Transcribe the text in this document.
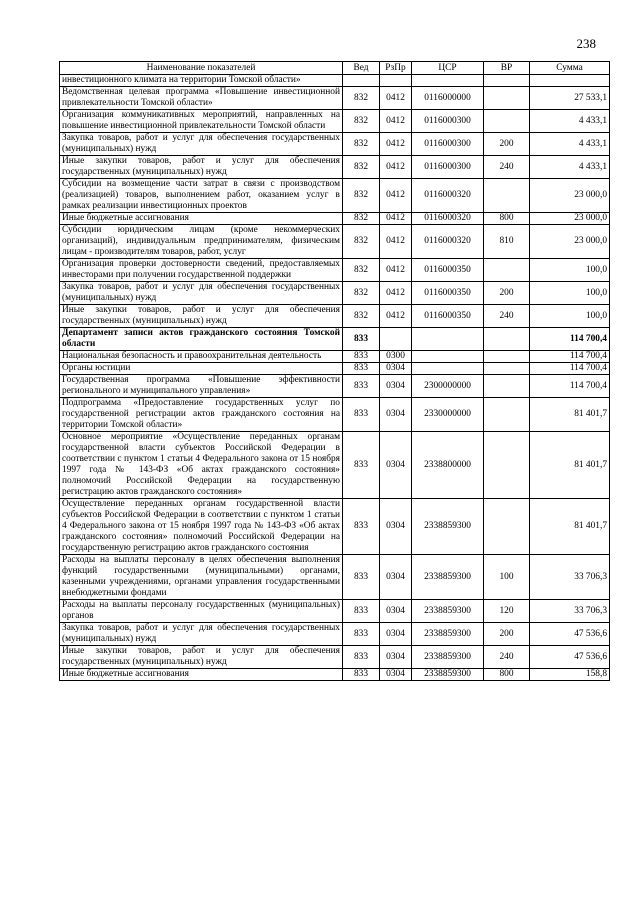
238
Наименование показателей	Вед	РзПр	ЦСР	ВР	Сумма
инвестиционного климата на территории Томской области»					
Ведомственная целевая программа «Повышение инвестиционной привлекательности Томской области»	832	0412	0116000000		27 533,1
Организация коммуникативных мероприятий, направленных на повышение инвестиционной привлекательности Томской области	832	0412	0116000300		4 433,1
Закупка товаров, работ и услуг для обеспечения государственных (муниципальных) нужд	832	0412	0116000300	200	4 433,1
Иные закупки товаров, работ и услуг для обеспечения государственных (муниципальных) нужд	832	0412	0116000300	240	4 433,1
Субсидии на возмещение части затрат в связи с производством (реализацией) товаров, выполнением работ, оказанием услуг в рамках реализации инвестиционных проектов	832	0412	0116000320		23 000,0
Иные бюджетные ассигнования	832	0412	0116000320	800	23 000,0
Субсидии юридическим лицам (кроме некоммерческих организаций), индивидуальным предпринимателям, физическим лицам - производителям товаров, работ, услуг	832	0412	0116000320	810	23 000,0
Организация проверки достоверности сведений, предоставляемых инвесторами при получении государственной поддержки	832	0412	0116000350		100,0
Закупка товаров, работ и услуг для обеспечения государственных (муниципальных) нужд	832	0412	0116000350	200	100,0
Иные закупки товаров, работ и услуг для обеспечения государственных (муниципальных) нужд	832	0412	0116000350	240	100,0
Департамент записи актов гражданского состояния Томской области	833				114 700,4
Национальная безопасность и правоохранительная деятельность	833	0300			114 700,4
Органы юстиции	833	0304			114 700,4
Государственная программа «Повышение эффективности регионального и муниципального управления»	833	0304	2300000000		114 700,4
Подпрограмма «Предоставление государственных услуг по государственной регистрации актов гражданского состояния на территории Томской области»	833	0304	2330000000		81 401,7
Основное мероприятие «Осуществление переданных органам государственной власти субъектов Российской Федерации в соответствии с пунктом 1 статьи 4 Федерального закона от 15 ноября 1997 года № 143-ФЗ «Об актах гражданского состояния» полномочий Российской Федерации на государственную регистрацию актов гражданского состояния»	833	0304	2338800000		81 401,7
Осуществление переданных органам государственной власти субъектов Российской Федерации в соответствии с пунктом 1 статьи 4 Федерального закона от 15 ноября 1997 года № 143-ФЗ «Об актах гражданского состояния» полномочий Российской Федерации на государственную регистрацию актов гражданского состояния	833	0304	2338859300		81 401,7
Расходы на выплаты персоналу в целях обеспечения выполнения функций государственными (муниципальными) органами, казенными учреждениями, органами управления государственными внебюджетными фондами	833	0304	2338859300	100	33 706,3
Расходы на выплаты персоналу государственных (муниципальных) органов	833	0304	2338859300	120	33 706,3
Закупка товаров, работ и услуг для обеспечения государственных (муниципальных) нужд	833	0304	2338859300	200	47 536,6
Иные закупки товаров, работ и услуг для обеспечения государственных (муниципальных) нужд	833	0304	2338859300	240	47 536,6
Иные бюджетные ассигнования	833	0304	2338859300	800	158,8
